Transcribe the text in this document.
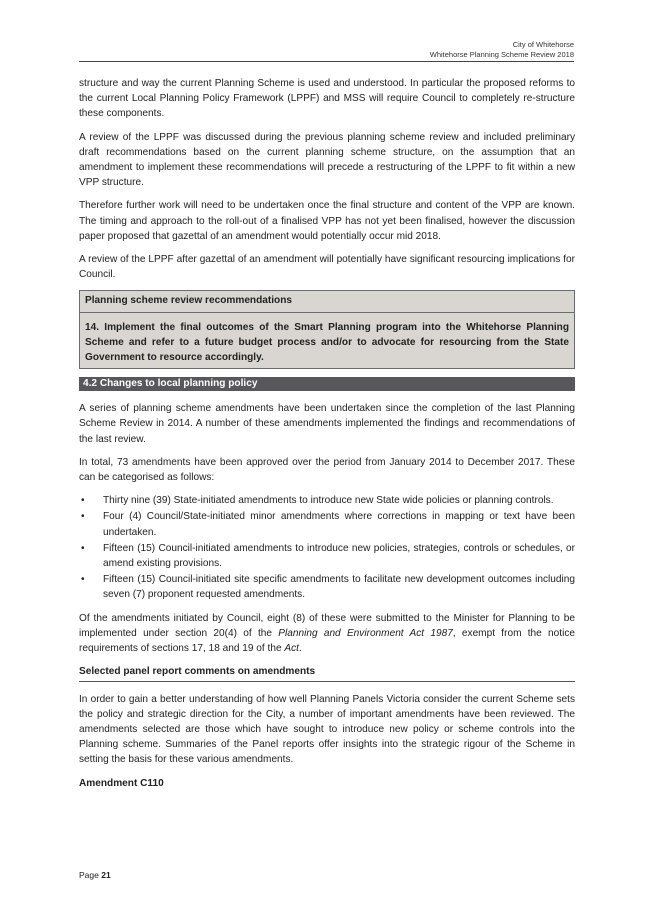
City of Whitehorse
Whitehorse Planning Scheme Review 2018

structure and way the current Planning Scheme is used and understood. In particular the proposed reforms to the current Local Planning Policy Framework (LPPF) and MSS will require Council to completely re-structure these components.

A review of the LPPF was discussed during the previous planning scheme review and included preliminary draft recommendations based on the current planning scheme structure, on the assumption that an amendment to implement these recommendations will precede a restructuring of the LPPF to fit within a new VPP structure.

Therefore further work will need to be undertaken once the final structure and content of the VPP are known. The timing and approach to the roll-out of a finalised VPP has not yet been finalised, however the discussion paper proposed that gazettal of an amendment would potentially occur mid 2018.

A review of the LPPF after gazettal of an amendment will potentially have significant resourcing implications for Council.

Planning scheme review recommendations
14. Implement the final outcomes of the Smart Planning program into the Whitehorse Planning Scheme and refer to a future budget process and/or to advocate for resourcing from the State Government to resource accordingly.
4.2 Changes to local planning policy

A series of planning scheme amendments have been undertaken since the completion of the last Planning Scheme Review in 2014. A number of these amendments implemented the findings and recommendations of the last review.

In total, 73 amendments have been approved over the period from January 2014 to December 2017. These can be categorised as follows:

• Thirty nine (39) State-initiated amendments to introduce new State wide policies or planning controls.
• Four (4) Council/State-initiated minor amendments where corrections in mapping or text have been undertaken.
• Fifteen (15) Council-initiated amendments to introduce new policies, strategies, controls or schedules, or amend existing provisions.
• Fifteen (15) Council-initiated site specific amendments to facilitate new development outcomes including seven (7) proponent requested amendments.

Of the amendments initiated by Council, eight (8) of these were submitted to the Minister for Planning to be implemented under section 20(4) of the Planning and Environment Act 1987, exempt from the notice requirements of sections 17, 18 and 19 of the Act.

Selected panel report comments on amendments

In order to gain a better understanding of how well Planning Panels Victoria consider the current Scheme sets the policy and strategic direction for the City, a number of important amendments have been reviewed. The amendments selected are those which have sought to introduce new policy or scheme controls into the Planning scheme. Summaries of the Panel reports offer insights into the strategic rigour of the Scheme in setting the basis for these various amendments.

Amendment C110
Page 21
